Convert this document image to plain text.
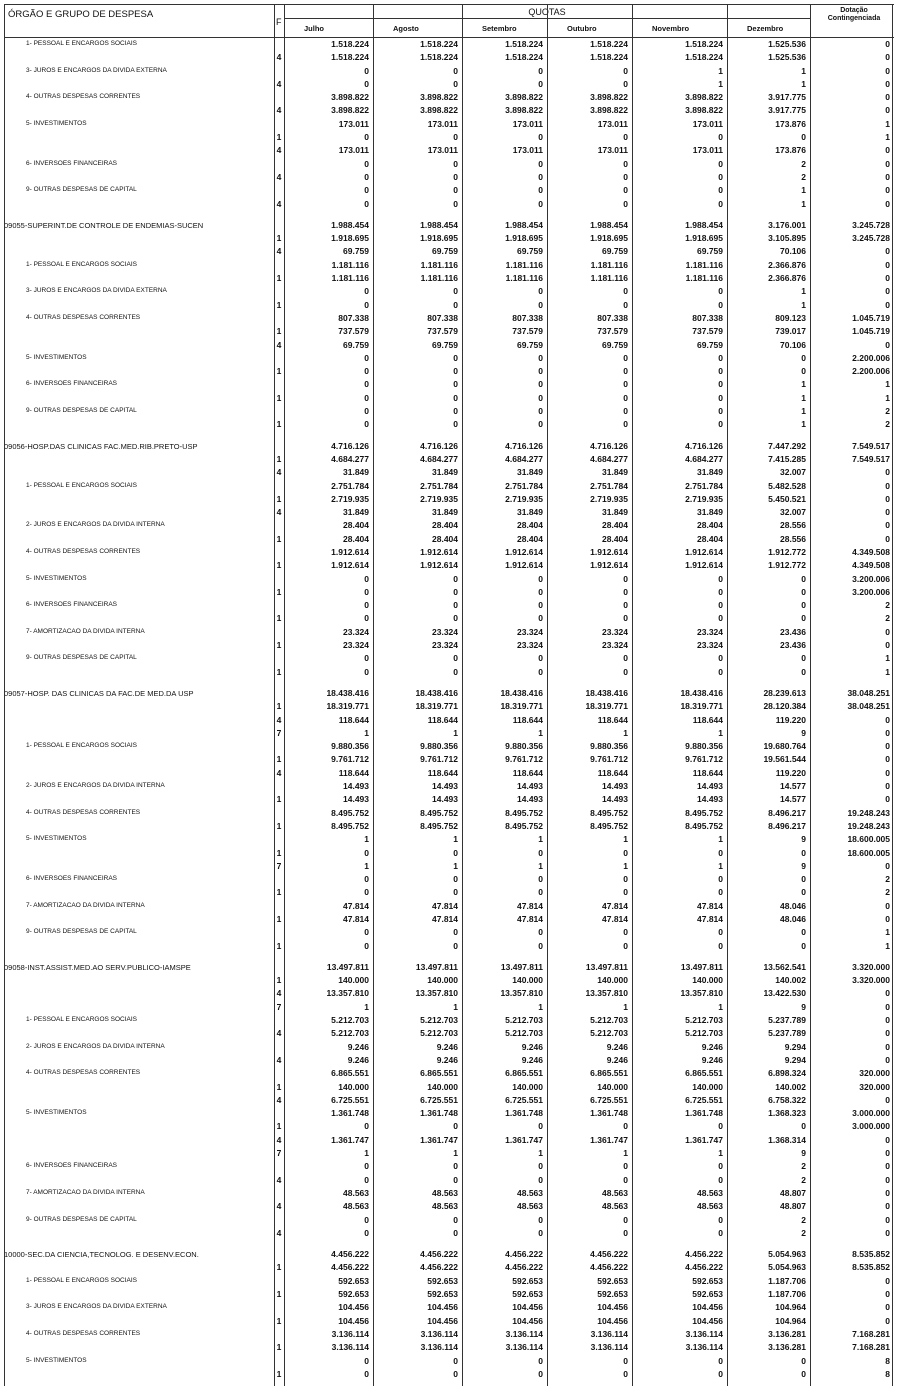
ÓRGÃO E GRUPO DE DESPESA
F
QUOTAS	Dotação
Contingenciada
Julho	Agosto	Setembro	Outubro	Novembro	Dezembro
1- PESSOAL E ENCARGOS SOCIAIS	1.518.224	1.518.224	1.518.224	1.518.224	1.518.224	1.525.536	0
4	1.518.224	1.518.224	1.518.224	1.518.224	1.518.224	1.525.536	0
3- JUROS E ENCARGOS DA DIVIDA EXTERNA	0	0	0	0	1	1	0
4	0	0	0	0	1	1	0
4- OUTRAS DESPESAS CORRENTES	3.898.822	3.898.822	3.898.822	3.898.822	3.898.822	3.917.775	0
4	3.898.822	3.898.822	3.898.822	3.898.822	3.898.822	3.917.775	0
5- INVESTIMENTOS	173.011	173.011	173.011	173.011	173.011	173.876	1
1	0	0	0	0	0	0	1
4	173.011	173.011	173.011	173.011	173.011	173.876	0
6- INVERSOES FINANCEIRAS	0	0	0	0	0	2	0
4	0	0	0	0	0	2	0
9- OUTRAS DESPESAS DE CAPITAL	0	0	0	0	0	1	0
4	0	0	0	0	0	1	0
09055-SUPERINT.DE CONTROLE DE ENDEMIAS-SUCEN	1.988.454	1.988.454	1.988.454	1.988.454	1.988.454	3.176.001	3.245.728
1	1.918.695	1.918.695	1.918.695	1.918.695	1.918.695	3.105.895	3.245.728
4	69.759	69.759	69.759	69.759	69.759	70.106	0
1- PESSOAL E ENCARGOS SOCIAIS	1.181.116	1.181.116	1.181.116	1.181.116	1.181.116	2.366.876	0
1	1.181.116	1.181.116	1.181.116	1.181.116	1.181.116	2.366.876	0
3- JUROS E ENCARGOS DA DIVIDA EXTERNA	0	0	0	0	0	1	0
1	0	0	0	0	0	1	0
4- OUTRAS DESPESAS CORRENTES	807.338	807.338	807.338	807.338	807.338	809.123	1.045.719
1	737.579	737.579	737.579	737.579	737.579	739.017	1.045.719
4	69.759	69.759	69.759	69.759	69.759	70.106	0
5- INVESTIMENTOS	0	0	0	0	0	0	2.200.006
1	0	0	0	0	0	0	2.200.006
6- INVERSOES FINANCEIRAS	0	0	0	0	0	1	1
1	0	0	0	0	0	1	1
9- OUTRAS DESPESAS DE CAPITAL	0	0	0	0	0	1	2
1	0	0	0	0	0	1	2
09056-HOSP.DAS CLINICAS FAC.MED.RIB.PRETO-USP	4.716.126	4.716.126	4.716.126	4.716.126	4.716.126	7.447.292	7.549.517
1	4.684.277	4.684.277	4.684.277	4.684.277	4.684.277	7.415.285	7.549.517
4	31.849	31.849	31.849	31.849	31.849	32.007	0
1- PESSOAL E ENCARGOS SOCIAIS	2.751.784	2.751.784	2.751.784	2.751.784	2.751.784	5.482.528	0
1	2.719.935	2.719.935	2.719.935	2.719.935	2.719.935	5.450.521	0
4	31.849	31.849	31.849	31.849	31.849	32.007	0
2- JUROS E ENCARGOS DA DIVIDA INTERNA	28.404	28.404	28.404	28.404	28.404	28.556	0
1	28.404	28.404	28.404	28.404	28.404	28.556	0
4- OUTRAS DESPESAS CORRENTES	1.912.614	1.912.614	1.912.614	1.912.614	1.912.614	1.912.772	4.349.508
1	1.912.614	1.912.614	1.912.614	1.912.614	1.912.614	1.912.772	4.349.508
5- INVESTIMENTOS	0	0	0	0	0	0	3.200.006
1	0	0	0	0	0	0	3.200.006
6- INVERSOES FINANCEIRAS	0	0	0	0	0	0	2
1	0	0	0	0	0	0	2
7- AMORTIZACAO DA DIVIDA INTERNA	23.324	23.324	23.324	23.324	23.324	23.436	0
1	23.324	23.324	23.324	23.324	23.324	23.436	0
9- OUTRAS DESPESAS DE CAPITAL	0	0	0	0	0	0	1
1	0	0	0	0	0	0	1
09057-HOSP. DAS CLINICAS DA FAC.DE MED.DA USP	18.438.416	18.438.416	18.438.416	18.438.416	18.438.416	28.239.613	38.048.251
1	18.319.771	18.319.771	18.319.771	18.319.771	18.319.771	28.120.384	38.048.251
4	118.644	118.644	118.644	118.644	118.644	119.220	0
7	1	1	1	1	1	9	0
1- PESSOAL E ENCARGOS SOCIAIS	9.880.356	9.880.356	9.880.356	9.880.356	9.880.356	19.680.764	0
1	9.761.712	9.761.712	9.761.712	9.761.712	9.761.712	19.561.544	0
4	118.644	118.644	118.644	118.644	118.644	119.220	0
2- JUROS E ENCARGOS DA DIVIDA INTERNA	14.493	14.493	14.493	14.493	14.493	14.577	0
1	14.493	14.493	14.493	14.493	14.493	14.577	0
4- OUTRAS DESPESAS CORRENTES	8.495.752	8.495.752	8.495.752	8.495.752	8.495.752	8.496.217	19.248.243
1	8.495.752	8.495.752	8.495.752	8.495.752	8.495.752	8.496.217	19.248.243
5- INVESTIMENTOS	1	1	1	1	1	9	18.600.005
1	0	0	0	0	0	0	18.600.005
7	1	1	1	1	1	9	0
6- INVERSOES FINANCEIRAS	0	0	0	0	0	0	2
1	0	0	0	0	0	0	2
7- AMORTIZACAO DA DIVIDA INTERNA	47.814	47.814	47.814	47.814	47.814	48.046	0
1	47.814	47.814	47.814	47.814	47.814	48.046	0
9- OUTRAS DESPESAS DE CAPITAL	0	0	0	0	0	0	1
1	0	0	0	0	0	0	1
09058-INST.ASSIST.MED.AO SERV.PUBLICO-IAMSPE	13.497.811	13.497.811	13.497.811	13.497.811	13.497.811	13.562.541	3.320.000
1	140.000	140.000	140.000	140.000	140.000	140.002	3.320.000
4	13.357.810	13.357.810	13.357.810	13.357.810	13.357.810	13.422.530	0
7	1	1	1	1	1	9	0
1- PESSOAL E ENCARGOS SOCIAIS	5.212.703	5.212.703	5.212.703	5.212.703	5.212.703	5.237.789	0
4	5.212.703	5.212.703	5.212.703	5.212.703	5.212.703	5.237.789	0
2- JUROS E ENCARGOS DA DIVIDA INTERNA	9.246	9.246	9.246	9.246	9.246	9.294	0
4	9.246	9.246	9.246	9.246	9.246	9.294	0
4- OUTRAS DESPESAS CORRENTES	6.865.551	6.865.551	6.865.551	6.865.551	6.865.551	6.898.324	320.000
1	140.000	140.000	140.000	140.000	140.000	140.002	320.000
4	6.725.551	6.725.551	6.725.551	6.725.551	6.725.551	6.758.322	0
5- INVESTIMENTOS	1.361.748	1.361.748	1.361.748	1.361.748	1.361.748	1.368.323	3.000.000
1	0	0	0	0	0	0	3.000.000
4	1.361.747	1.361.747	1.361.747	1.361.747	1.361.747	1.368.314	0
7	1	1	1	1	1	9	0
6- INVERSOES FINANCEIRAS	0	0	0	0	0	2	0
4	0	0	0	0	0	2	0
7- AMORTIZACAO DA DIVIDA INTERNA	48.563	48.563	48.563	48.563	48.563	48.807	0
4	48.563	48.563	48.563	48.563	48.563	48.807	0
9- OUTRAS DESPESAS DE CAPITAL	0	0	0	0	0	2	0
4	0	0	0	0	0	2	0
10000-SEC.DA CIENCIA,TECNOLOG. E DESENV.ECON.	4.456.222	4.456.222	4.456.222	4.456.222	4.456.222	5.054.963	8.535.852
1	4.456.222	4.456.222	4.456.222	4.456.222	4.456.222	5.054.963	8.535.852
1- PESSOAL E ENCARGOS SOCIAIS	592.653	592.653	592.653	592.653	592.653	1.187.706	0
1	592.653	592.653	592.653	592.653	592.653	1.187.706	0
3- JUROS E ENCARGOS DA DIVIDA EXTERNA	104.456	104.456	104.456	104.456	104.456	104.964	0
1	104.456	104.456	104.456	104.456	104.456	104.964	0
4- OUTRAS DESPESAS CORRENTES	3.136.114	3.136.114	3.136.114	3.136.114	3.136.114	3.136.281	7.168.281
1	3.136.114	3.136.114	3.136.114	3.136.114	3.136.114	3.136.281	7.168.281
5- INVESTIMENTOS	0	0	0	0	0	0	8
1	0	0	0	0	0	0	8
